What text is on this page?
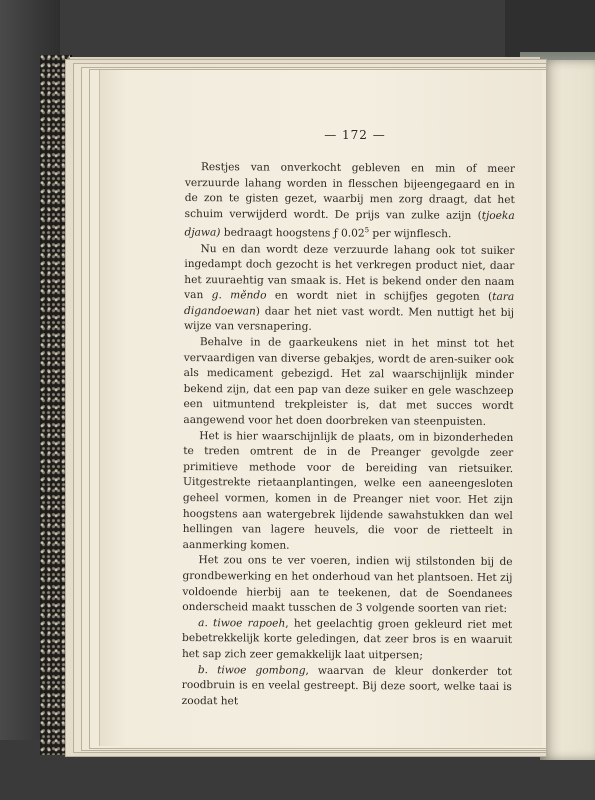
— 172 —

Restjes van onverkocht gebleven en min of meer verzuurde lahang worden in flesschen bijeengegaard en in de zon te gisten gezet, waarbij men zorg draagt, dat het schuim verwijderd wordt. De prijs van zulke azijn (tjoeka djawa) bedraagt hoogstens ƒ 0.02$^5$ per wijnflesch.

Nu en dan wordt deze verzuurde lahang ook tot suiker ingedampt doch gezocht is het verkregen product niet, daar het zuuraehtig van smaak is. Het is bekend onder den naam van g. měndo en wordt niet in schijfjes gegoten (tara digandoewan) daar het niet vast wordt. Men nuttigt het bij wijze van versnapering.

Behalve in de gaarkeukens niet in het minst tot het vervaardigen van diverse gebakjes, wordt de aren-suiker ook als medicament gebezigd. Het zal waarschijnlijk minder bekend zijn, dat een pap van deze suiker en gele waschzeep een uitmuntend trekpleister is, dat met succes wordt aangewend voor het doen doorbreken van steenpuisten.

Het is hier waarschijnlijk de plaats, om in bizonderheden te treden omtrent de in de Preanger gevolgde zeer primitieve methode voor de bereiding van rietsuiker. Uitgestrekte rietaanplantingen, welke een aaneengesloten geheel vormen, komen in de Preanger niet voor. Het zijn hoogstens aan watergebrek lijdende sawahstukken dan wel hellingen van lagere heuvels, die voor de rietteelt in aanmerking komen.

Het zou ons te ver voeren, indien wij stilstonden bij de grondbewerking en het onderhoud van het plantsoen. Het zij voldoende hierbij aan te teekenen, dat de Soendanees onderscheid maakt tusschen de 3 volgende soorten van riet:

a. tiwoe rapoeh, het geelachtig groen gekleurd riet met bebetrekkelijk korte geledingen, dat zeer bros is en waaruit het sap zich zeer gemakkelijk laat uitpersen;

b. tiwoe gombong, waarvan de kleur donkerder tot roodbruin is en veelal gestreept. Bij deze soort, welke taai is zoodat het
